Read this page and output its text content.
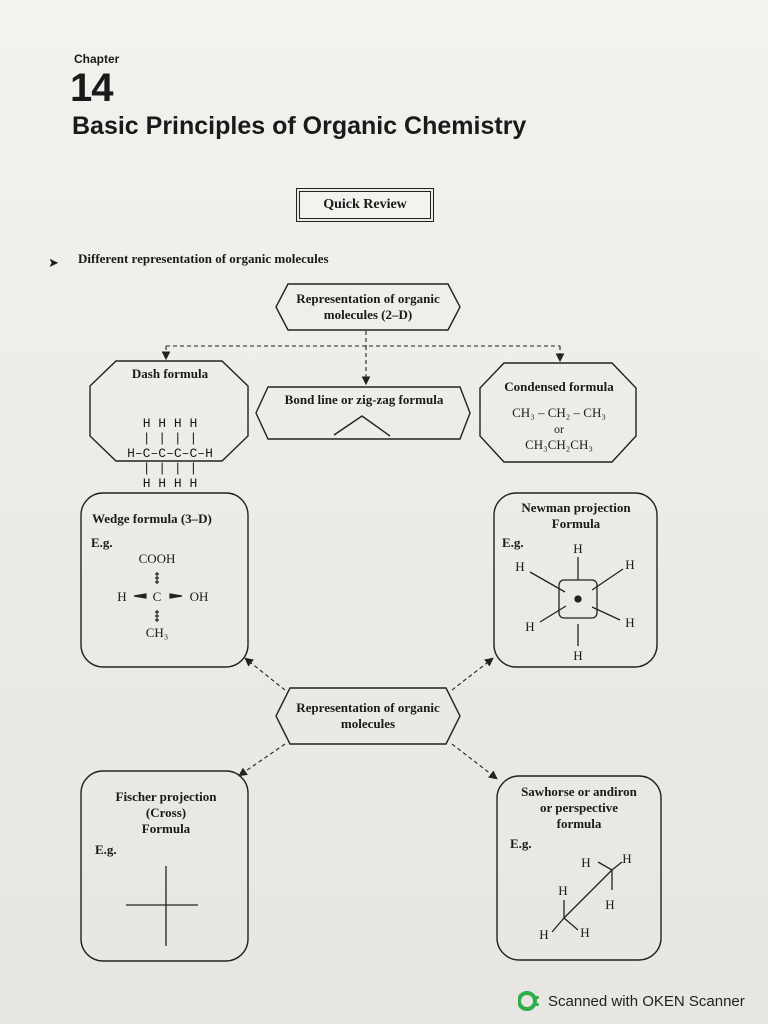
Chapter
14
Basic Principles of Organic Chemistry
Quick Review
➤ Different representation of organic molecules
Representation of organic
molecules (2–D)
Dash formula

H H H H
| | | |
H–C–C–C–C–H
| | | |
H H H H

Bond line or zig-zag formula
Condensed formula
CH₃ – CH₂ – CH₃
or
CH₃CH₂CH₃
Wedge formula (3–D)
E.g.
COOH
H	C	OH
CH₃
Newman projection
Formula
E.g.	H
H	H
H	H
H
Representation of organic
molecules
Fischer projection
(Cross)
Formula
E.g.
Sawhorse or andiron
or perspective
formula
E.g.
H H
H
H
H H
Scanned with OKEN Scanner
